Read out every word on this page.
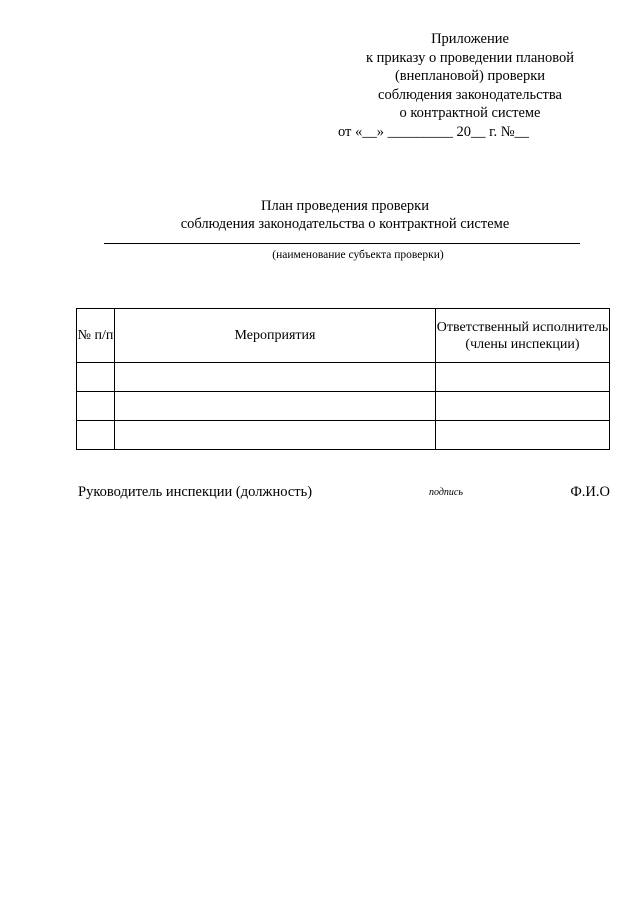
Приложение
к приказу о проведении плановой
(внеплановой) проверки
соблюдения законодательства
о контрактной системе
от «__» _________ 20__ г. №__
План проведения проверки
соблюдения законодательства о контрактной системе
(наименование субъекта проверки)
№ п/п	Мероприятия	Ответственный исполнитель (члены инспекции)

Руководитель инспекции (должность)	подпись	Ф.И.О
